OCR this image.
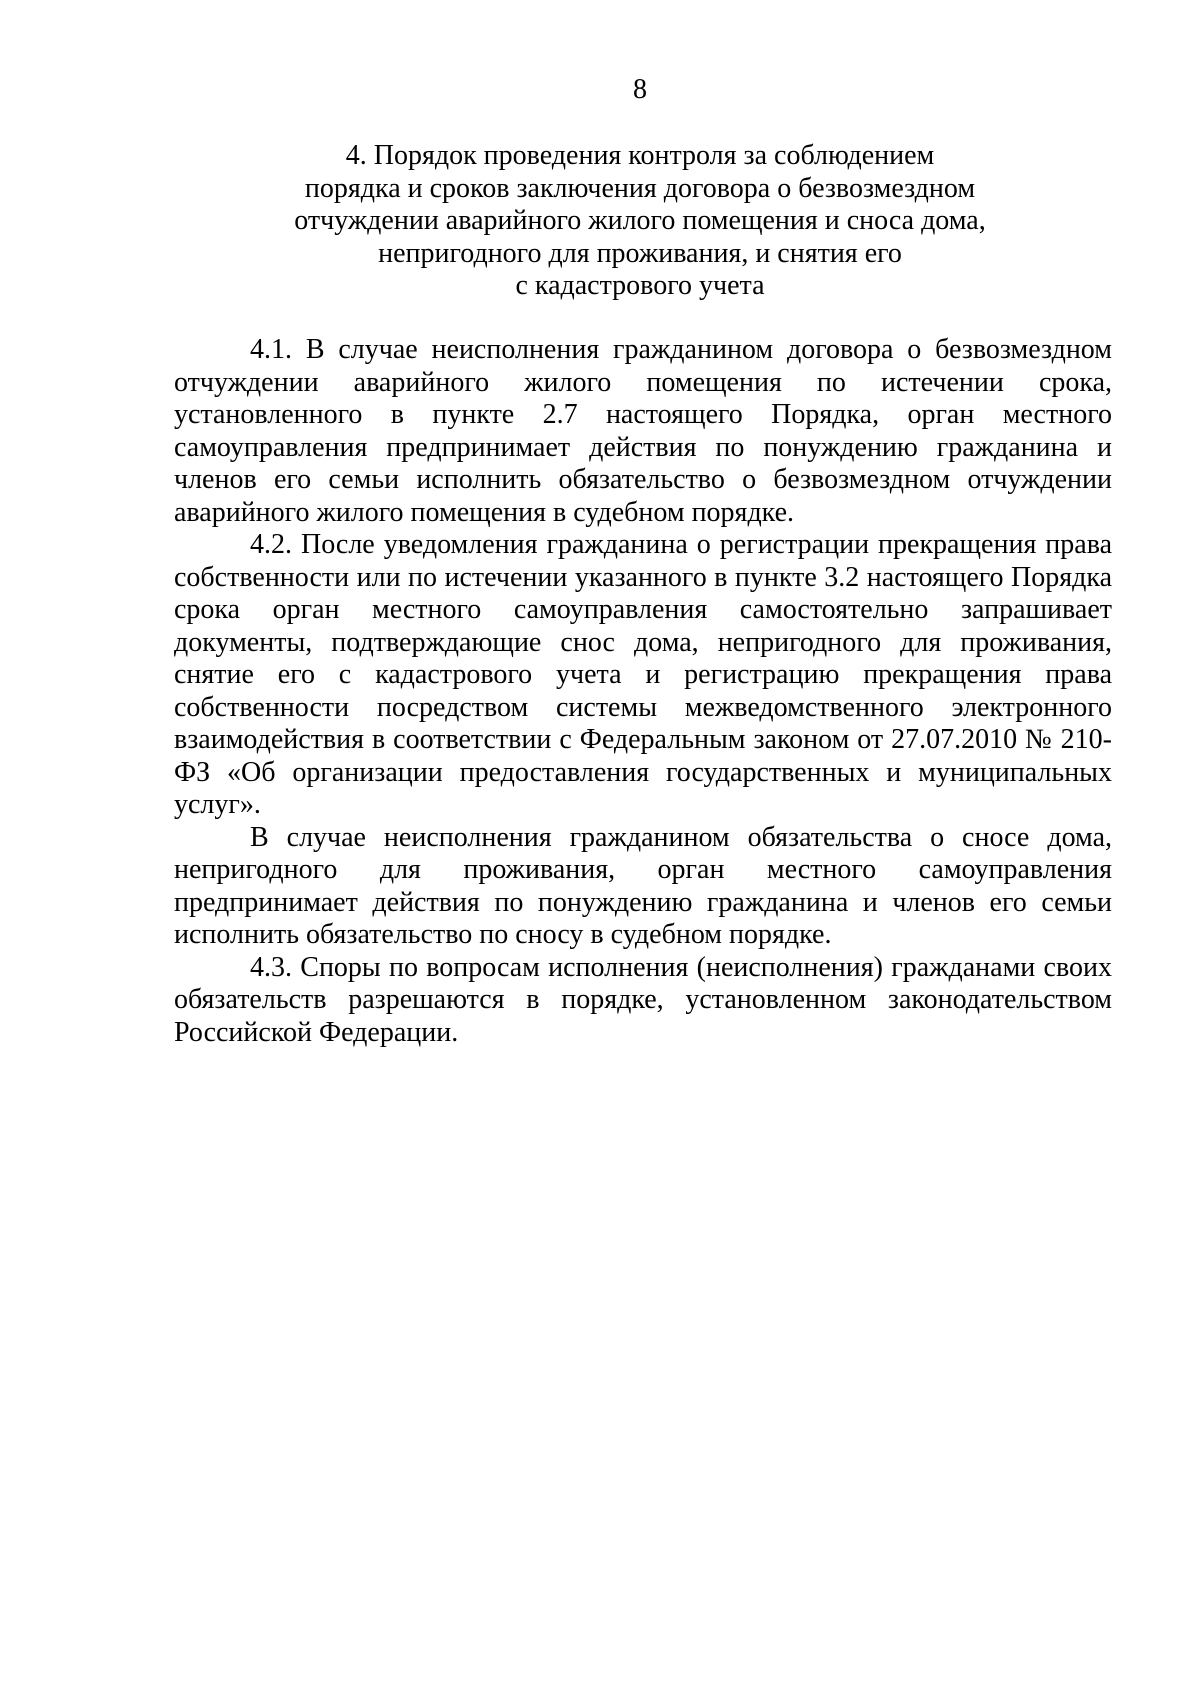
8
4. Порядок проведения контроля за соблюдением
порядка и сроков заключения договора о безвозмездном
отчуждении аварийного жилого помещения и сноса дома,
непригодного для проживания, и снятия его
с кадастрового учета

4.1. В случае неисполнения гражданином договора о безвозмездном отчуждении аварийного жилого помещения по истечении срока, установленного в пункте 2.7 настоящего Порядка, орган местного самоуправления предпринимает действия по понуждению гражданина и членов его семьи исполнить обязательство о безвозмездном отчуждении аварийного жилого помещения в судебном порядке.

4.2. После уведомления гражданина о регистрации прекращения права собственности или по истечении указанного в пункте 3.2 настоящего Порядка срока орган местного самоуправления самостоятельно запрашивает документы, подтверждающие снос дома, непригодного для проживания, снятие его с кадастрового учета и регистрацию прекращения права собственности посредством системы межведомственного электронного взаимодействия в соответствии с Федеральным законом от 27.07.2010 № 210-ФЗ «Об организации предоставления государственных и муниципальных услуг».

В случае неисполнения гражданином обязательства о сносе дома, непригодного для проживания, орган местного самоуправления предпринимает действия по понуждению гражданина и членов его семьи исполнить обязательство по сносу в судебном порядке.

4.3. Споры по вопросам исполнения (неисполнения) гражданами своих обязательств разрешаются в порядке, установленном законодательством Российской Федерации.
